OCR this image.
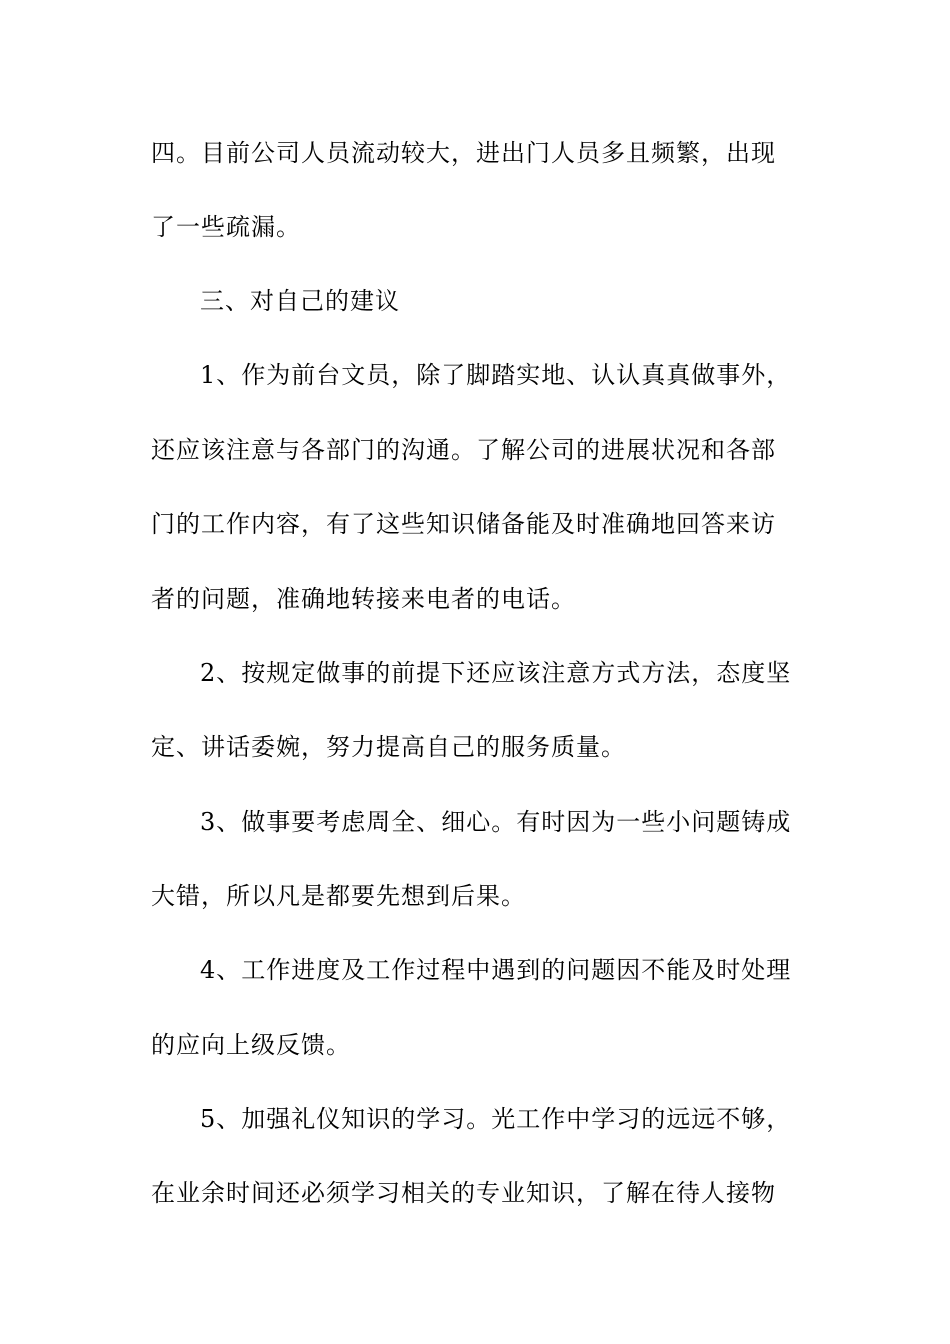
四。目前公司人员流动较大，进出门人员多且频繁，出现
了一些疏漏。
三、对自己的建议
1、作为前台文员，除了脚踏实地、认认真真做事外，
还应该注意与各部门的沟通。了解公司的进展状况和各部
门的工作内容，有了这些知识储备能及时准确地回答来访
者的问题，准确地转接来电者的电话。
2、按规定做事的前提下还应该注意方式方法，态度坚
定、讲话委婉，努力提高自己的服务质量。
3、做事要考虑周全、细心。有时因为一些小问题铸成
大错，所以凡是都要先想到后果。
4、工作进度及工作过程中遇到的问题因不能及时处理
的应向上级反馈。
5、加强礼仪知识的学习。光工作中学习的远远不够，
在业余时间还必须学习相关的专业知识，了解在待人接物
